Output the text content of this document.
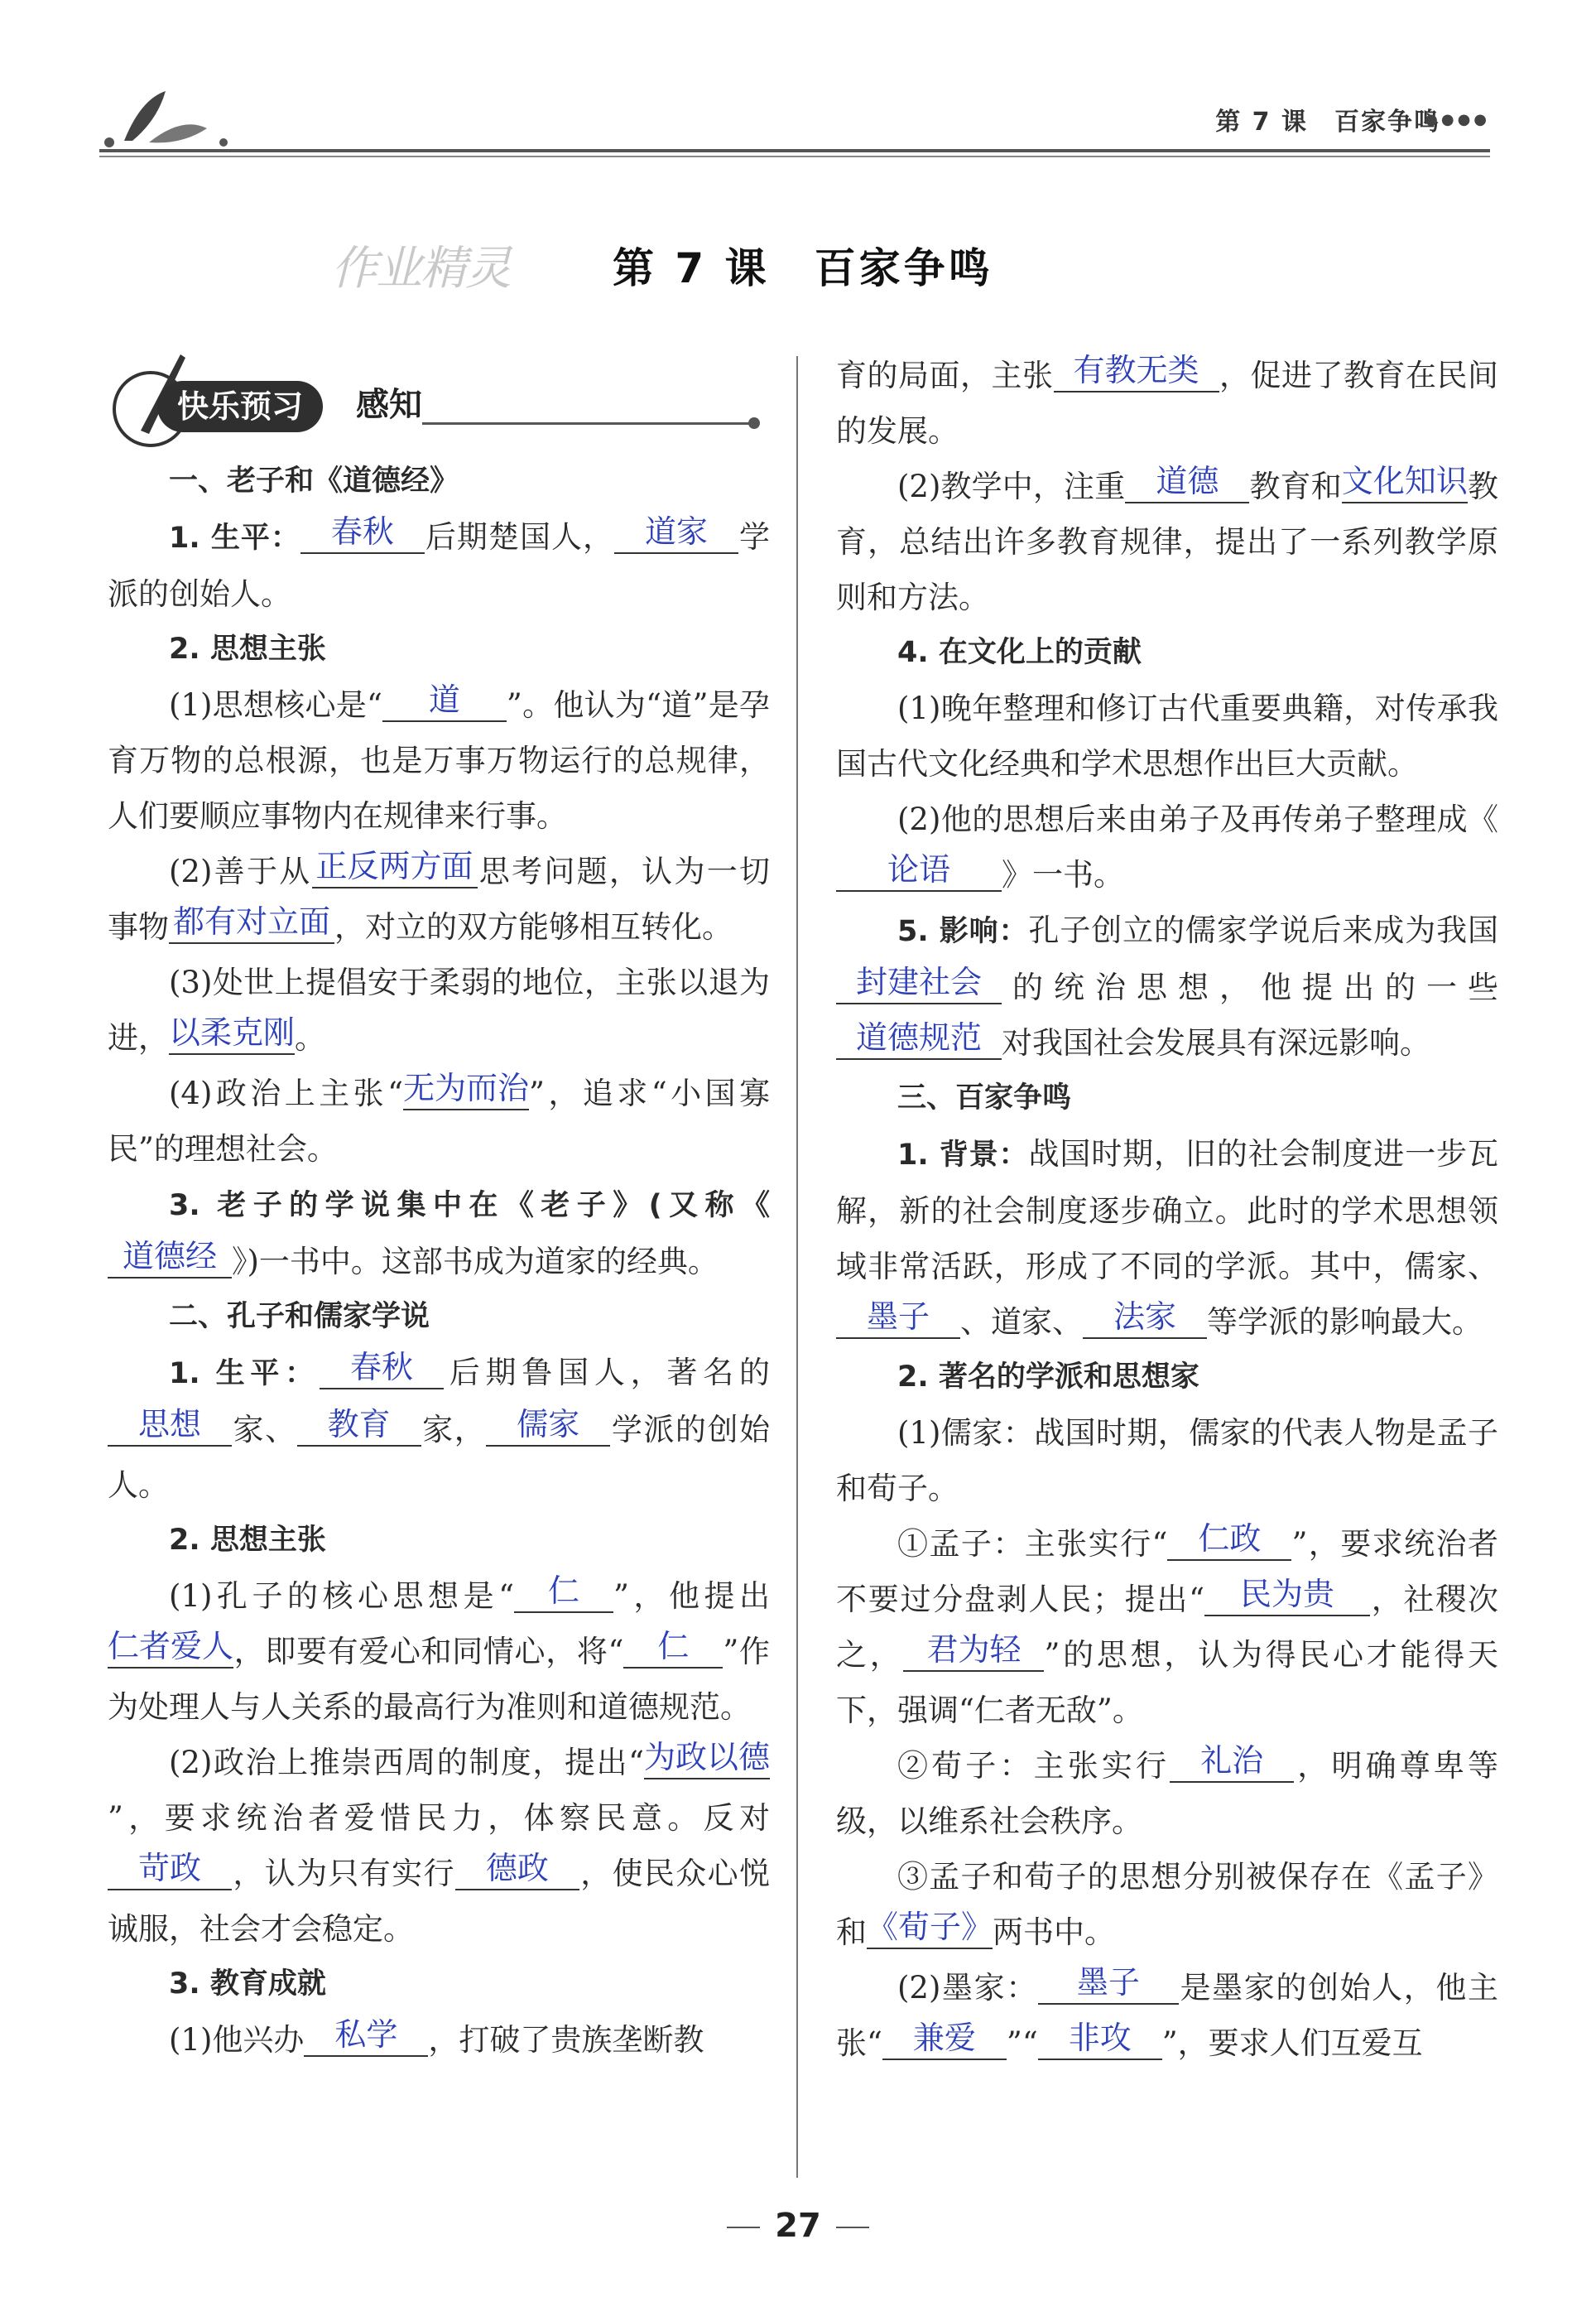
第 7 课　百家争鸣
●●●●
作业精灵 第 7 课　百家争鸣
快乐预习	感知

一、老子和《道德经》

1. 生平： 春秋 后期楚国人， 道家 学派的创始人。

2. 思想主张

(1)思想核心是“ 道 ”。他认为“道”是孕育万物的总根源，也是万事万物运行的总规律，人们要顺应事物内在规律来行事。

(2)善于从 正反两方面 思考问题，认为一切事物 都有对立面 ，对立的双方能够相互转化。

(3)处世上提倡安于柔弱的地位，主张以退为进，以柔克刚。

(4)政治上主张“无为而治”，追求“小国寡民”的理想社会。

3. 老子的学说集中在《老子》(又称《道德经 》)一书中。这部书成为道家的经典。

二、孔子和儒家学说

1. 生平： 春秋 后期鲁国人，著名的思想 家、 教育 家， 儒家 学派的创始人。

2. 思想主张

(1)孔子的核心思想是“ 仁 ”，他提出仁者爱人，即要有爱心和同情心，将“ 仁 ”作为处理人与人关系的最高行为准则和道德规范。

(2)政治上推崇西周的制度，提出“为政以德”，要求统治者爱惜民力，体察民意。反对苛政 ，认为只有实行 德政 ，使民众心悦诚服，社会才会稳定。

3. 教育成就

(1)他兴办 私学 ，打破了贵族垄断教

育的局面，主张 有教无类 ，促进了教育在民间的发展。

(2)教学中，注重 道德 教育和文化知识教育，总结出许多教育规律，提出了一系列教学原则和方法。

4. 在文化上的贡献

(1)晚年整理和修订古代重要典籍，对传承我国古代文化经典和学术思想作出巨大贡献。

(2)他的思想后来由弟子及再传弟子整理成《论语 》一书。

5. 影响：孔子创立的儒家学说后来成为我国封建社会 的统治思想，他提出的一些道德规范 对我国社会发展具有深远影响。

三、百家争鸣

1. 背景：战国时期，旧的社会制度进一步瓦解，新的社会制度逐步确立。此时的学术思想领域非常活跃，形成了不同的学派。其中，儒家、墨子 、道家、 法家 等学派的影响最大。

2. 著名的学派和思想家

(1)儒家：战国时期，儒家的代表人物是孟子和荀子。

①孟子：主张实行“ 仁政 ”，要求统治者不要过分盘剥人民；提出“ 民为贵 ，社稷次之， 君为轻 ”的思想，认为得民心才能得天下，强调“仁者无敌”。

②荀子：主张实行 礼治 ，明确尊卑等级，以维系社会秩序。

③孟子和荀子的思想分别被保存在《孟子》和《荀子》两书中。

(2)墨家： 墨子 是墨家的创始人，他主张“ 兼爱 ”“ 非攻 ”，要求人们互爱互

27
